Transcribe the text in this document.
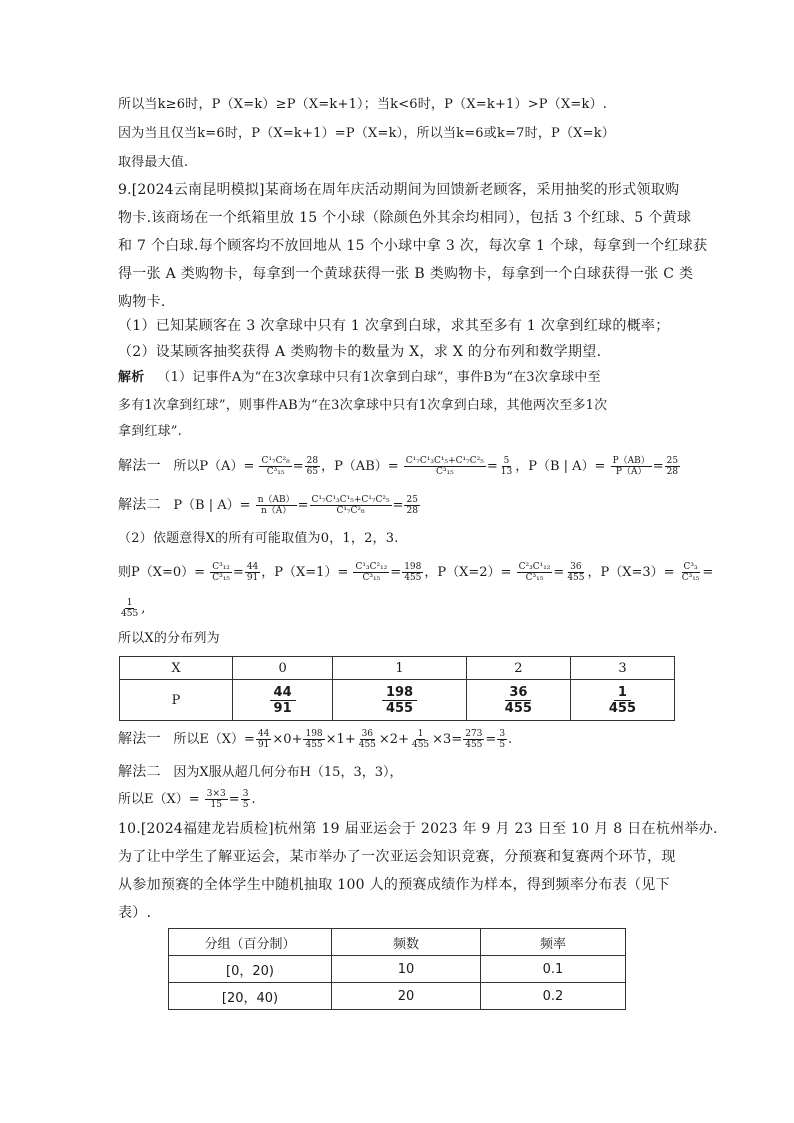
所以当k≥6时，P（X=k）≥P（X=k+1）；当k<6时，P（X=k+1）>P（X=k）.
因为当且仅当k=6时，P（X=k+1）=P（X=k），所以当k=6或k=7时，P（X=k）
取得最大值.
9.[2024云南昆明模拟]某商场在周年庆活动期间为回馈新老顾客，采用抽奖的形式领取购
物卡.该商场在一个纸箱里放 15 个小球（除颜色外其余均相同），包括 3 个红球、5 个黄球
和 7 个白球.每个顾客均不放回地从 15 个小球中拿 3 次，每次拿 1 个球，每拿到一个红球获
得一张 A 类购物卡，每拿到一个黄球获得一张 B 类购物卡，每拿到一个白球获得一张 C 类
购物卡.
（1）已知某顾客在 3 次拿球中只有 1 次拿到白球，求其至多有 1 次拿到红球的概率；
（2）设某顾客抽奖获得 A 类购物卡的数量为 X，求 X 的分布列和数学期望.
解析 （1）记事件A为“在3次拿球中只有1次拿到白球”，事件B为“在3次拿球中至
多有1次拿到红球”，则事件AB为“在3次拿球中只有1次拿到白球，其他两次至多1次
拿到红球”.
解法一 所以$P(A)= \frac{\text{C¹₇C²₈}}{\text{C³₁₅}} = \frac{28}{65}$ ，$P(AB)= \frac{\text{C¹₇C¹₃C¹₅+C¹₇C²₅}}{\text{C³₁₅}} = \frac{5}{13}$ ，P（B | $A)= \frac{P(AB)}{P(A)} = \frac{25}{28}$
解法二 P（B | $A)= \frac{n(AB)}{n(A)} = \frac{\text{C¹₇C¹₃C¹₅+C¹₇C²₅}}{\text{C¹₇C²₈}} = \frac{25}{28}$
（2）依题意得X的所有可能取值为0，1，2，3.
则$P(X=0)= \frac{\text{C³₁₂}}{\text{C³₁₅}} = \frac{44}{91}$ ，$P(X=1)= \frac{\text{C¹₃C²₁₂}}{\text{C³₁₅}} = \frac{198}{455}$ ，$P(X=2)= \frac{\text{C²₃C¹₁₂}}{\text{C³₁₅}} = \frac{36}{455}$ ，$P(X=3)= \frac{\text{C³₃}}{\text{C³₁₅}}$ =
$\frac{1}{455}$ ,
所以X的分布列为
X	0	1	2	3
P	$\frac{44}{91}$	$\frac{198}{455}$	$\frac{36}{455}$	$\frac{1}{455}$
解法一 所以$E(X)= \frac{44}{91} \times 0+ \frac{198}{455} \times 1+ \frac{36}{455} \times 2+ \frac{1}{455} \times 3= \frac{273}{455} = \frac{3}{5}$ .
解法二 因为X服从超几何分布H（15，3，3），
所以$E(X)= \frac{3\times 3}{15} = \frac{3}{5}$ .
10.[2024福建龙岩质检]杭州第 19 届亚运会于 2023 年 9 月 23 日至 10 月 8 日在杭州举办.
为了让中学生了解亚运会，某市举办了一次亚运会知识竞赛，分预赛和复赛两个环节，现
从参加预赛的全体学生中随机抽取 100 人的预赛成绩作为样本，得到频率分布表（见下
表）.
分组（百分制）	频数	频率
[0，20)	10	0.1
[20，40)	20	0.2
